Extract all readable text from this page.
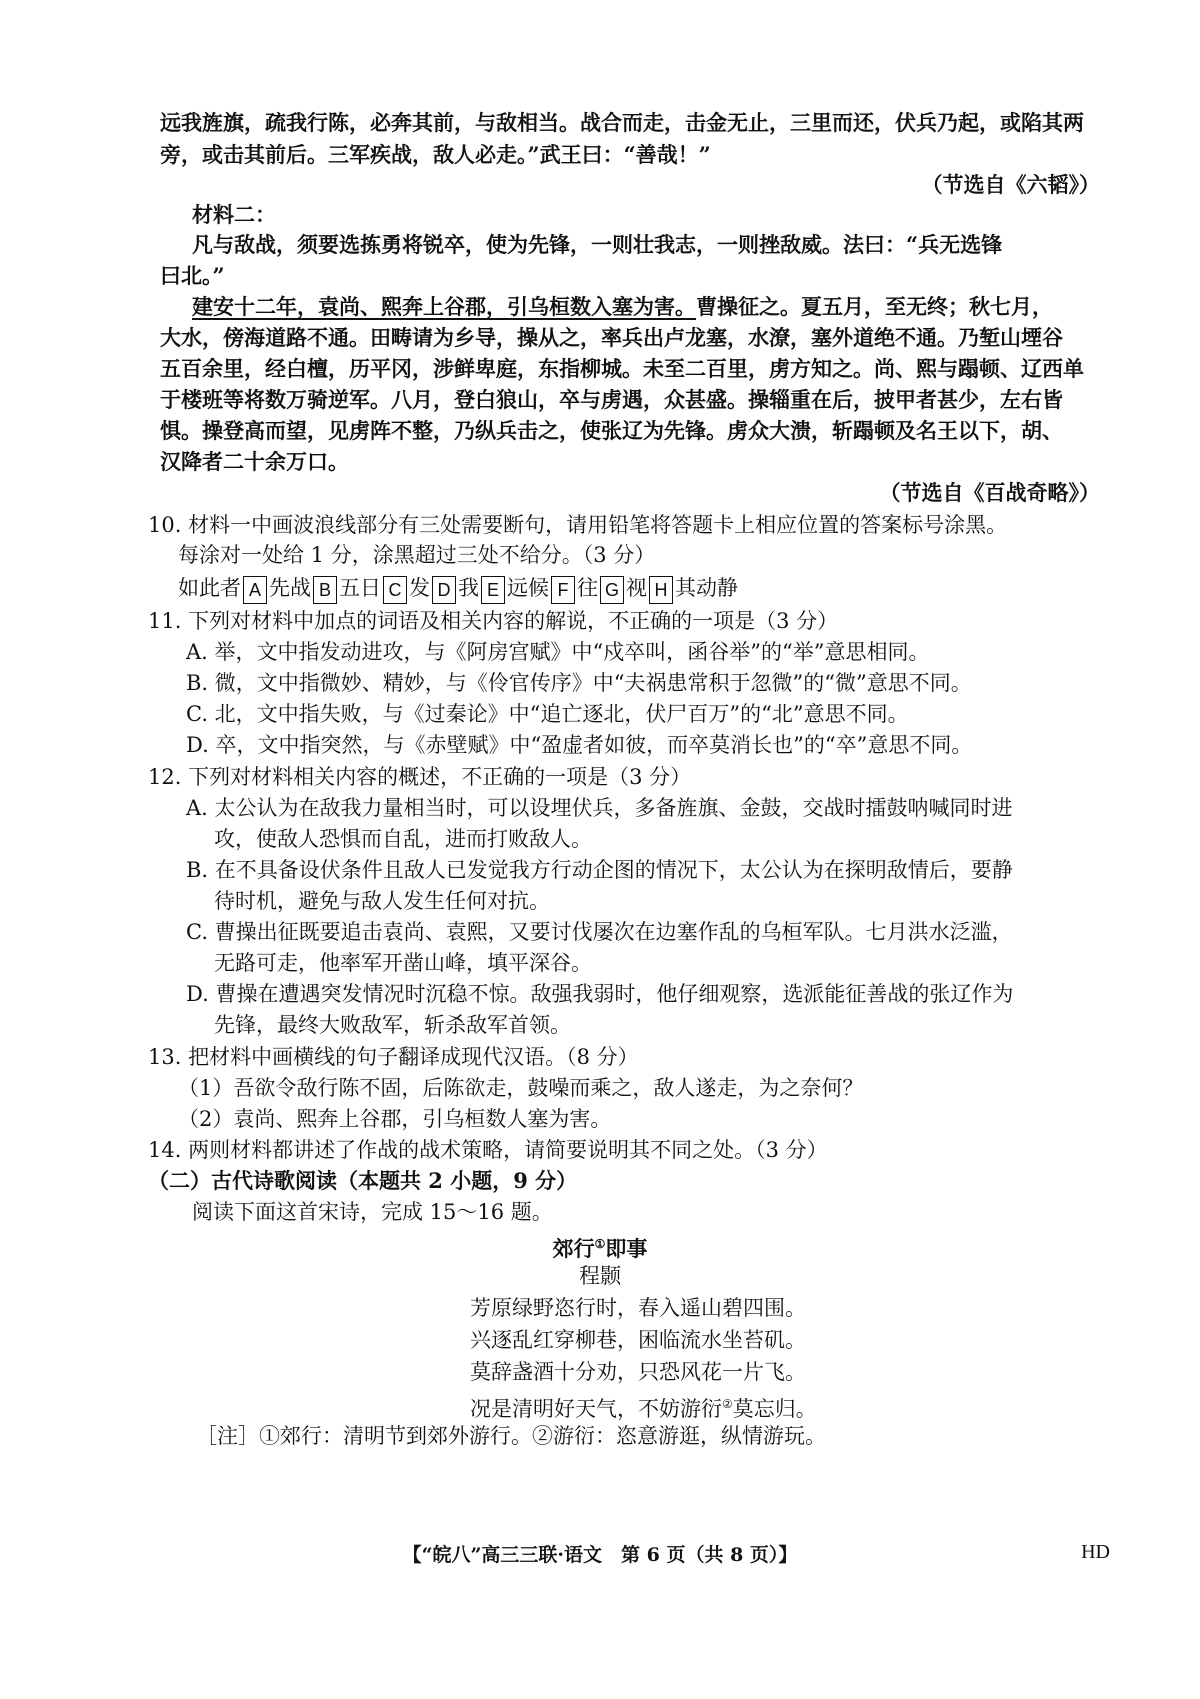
远我旌旗，疏我行陈，必奔其前，与敌相当。战合而走，击金无止，三里而还，伏兵乃起，或陷其两
旁，或击其前后。三军疾战，敌人必走。”武王曰：“善哉！”
（节选自《六韬》）
材料二：
凡与敌战，须要选拣勇将锐卒，使为先锋，一则壮我志，一则挫敌威。法曰：“兵无选锋
曰北。”
建安十二年，袁尚、熙奔上谷郡，引乌桓数入塞为害。曹操征之。夏五月，至无终；秋七月，
大水，傍海道路不通。田畴请为乡导，操从之，率兵出卢龙塞，水潦，塞外道绝不通。乃堑山堙谷
五百余里，经白檀，历平冈，涉鲜卑庭，东指柳城。未至二百里，虏方知之。尚、熙与蹋顿、辽西单
于楼班等将数万骑逆军。八月，登白狼山，卒与虏遇，众甚盛。操辎重在后，披甲者甚少，左右皆
惧。操登高而望，见虏阵不整，乃纵兵击之，使张辽为先锋。虏众大溃，斩蹋顿及名王以下，胡、
汉降者二十余万口。
（节选自《百战奇略》）
10. 材料一中画波浪线部分有三处需要断句，请用铅笔将答题卡上相应位置的答案标号涂黑。
每涂对一处给 1 分，涂黑超过三处不给分。（3 分）
如此者 A 先战 B 五日 C 发 D 我 E 远候 F 往 G 视 H 其动静
11. 下列对材料中加点的词语及相关内容的解说，不正确的一项是（3 分）
A. 举，文中指发动进攻，与《阿房宫赋》中“戍卒叫，函谷举”的“举”意思相同。
B. 微，文中指微妙、精妙，与《伶官传序》中“夫祸患常积于忽微”的“微”意思不同。
C. 北，文中指失败，与《过秦论》中“追亡逐北，伏尸百万”的“北”意思不同。
D. 卒，文中指突然，与《赤壁赋》中“盈虚者如彼，而卒莫消长也”的“卒”意思不同。
12. 下列对材料相关内容的概述，不正确的一项是（3 分）
A. 太公认为在敌我力量相当时，可以设埋伏兵，多备旌旗、金鼓，交战时擂鼓呐喊同时进
攻，使敌人恐惧而自乱，进而打败敌人。
B. 在不具备设伏条件且敌人已发觉我方行动企图的情况下，太公认为在探明敌情后，要静
待时机，避免与敌人发生任何对抗。
C. 曹操出征既要追击袁尚、袁熙，又要讨伐屡次在边塞作乱的乌桓军队。七月洪水泛滥，
无路可走，他率军开凿山峰，填平深谷。
D. 曹操在遭遇突发情况时沉稳不惊。敌强我弱时，他仔细观察，选派能征善战的张辽作为
先锋，最终大败敌军，斩杀敌军首领。
13. 把材料中画横线的句子翻译成现代汉语。（8 分）
（1）吾欲令敌行陈不固，后陈欲走，鼓噪而乘之，敌人遂走，为之奈何？
（2）袁尚、熙奔上谷郡，引乌桓数人塞为害。
14. 两则材料都讲述了作战的战术策略，请简要说明其不同之处。（3 分）
（二）古代诗歌阅读（本题共 2 小题，9 分）
阅读下面这首宋诗，完成 15～16 题。
郊行①即事
程颢
芳原绿野恣行时，春入遥山碧四围。
兴逐乱红穿柳巷，困临流水坐苔矶。
莫辞盏酒十分劝，只恐风花一片飞。
况是清明好天气，不妨游衍②莫忘归。
［注］①郊行：清明节到郊外游行。②游衍：恣意游逛，纵情游玩。
【“皖八”高三三联·语文　第 6 页（共 8 页）】	HD
